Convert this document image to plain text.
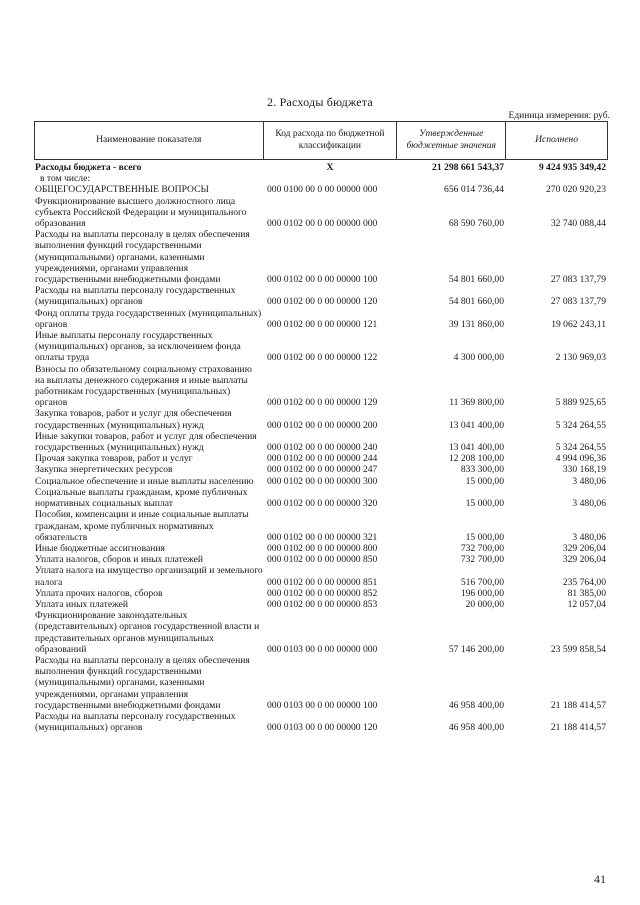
2. Расходы бюджета
Единица измерения: руб.
Наименование показателя	Код расхода по бюджетной классификации	Утвержденные бюджетные значения	Исполнено
Расходы бюджета - всего	X	21 298 661 543,37	9 424 935 349,42
в том числе:
ОБЩЕГОСУДАРСТВЕННЫЕ ВОПРОСЫ	000 0100 00 0 00 00000 000	656 014 736,44	270 020 920,23
Функционирование высшего должностного лица субъекта Российской Федерации и муниципального образования	000 0102 00 0 00 00000 000	68 590 760,00	32 740 088,44
Расходы на выплаты персоналу в целях обеспечения выполнения функций государственными (муниципальными) органами, казенными учреждениями, органами управления государственными внебюджетными фондами	000 0102 00 0 00 00000 100	54 801 660,00	27 083 137,79
Расходы на выплаты персоналу государственных (муниципальных) органов	000 0102 00 0 00 00000 120	54 801 660,00	27 083 137,79
Фонд оплаты труда государственных (муниципальных) органов	000 0102 00 0 00 00000 121	39 131 860,00	19 062 243,11
Иные выплаты персоналу государственных (муниципальных) органов, за исключением фонда оплаты труда	000 0102 00 0 00 00000 122	4 300 000,00	2 130 969,03
Взносы по обязательному социальному страхованию на выплаты денежного содержания и иные выплаты работникам государственных (муниципальных) органов	000 0102 00 0 00 00000 129	11 369 800,00	5 889 925,65
Закупка товаров, работ и услуг для обеспечения государственных (муниципальных) нужд	000 0102 00 0 00 00000 200	13 041 400,00	5 324 264,55
Иные закупки товаров, работ и услуг для обеспечения государственных (муниципальных) нужд	000 0102 00 0 00 00000 240	13 041 400,00	5 324 264,55
Прочая закупка товаров, работ и услуг	000 0102 00 0 00 00000 244	12 208 100,00	4 994 096,36
Закупка энергетических ресурсов	000 0102 00 0 00 00000 247	833 300,00	330 168,19
Социальное обеспечение и иные выплаты населению	000 0102 00 0 00 00000 300	15 000,00	3 480,06
Социальные выплаты гражданам, кроме публичных нормативных социальных выплат	000 0102 00 0 00 00000 320	15 000,00	3 480,06
Пособия, компенсации и иные социальные выплаты гражданам, кроме публичных нормативных обязательств	000 0102 00 0 00 00000 321	15 000,00	3 480,06
Иные бюджетные ассигнования	000 0102 00 0 00 00000 800	732 700,00	329 206,04
Уплата налогов, сборов и иных платежей	000 0102 00 0 00 00000 850	732 700,00	329 206,04
Уплата налога на имущество организаций и земельного налога	000 0102 00 0 00 00000 851	516 700,00	235 764,00
Уплата прочих налогов, сборов	000 0102 00 0 00 00000 852	196 000,00	81 385,00
Уплата иных платежей	000 0102 00 0 00 00000 853	20 000,00	12 057,04
Функционирование законодательных (представительных) органов государственной власти и представительных органов муниципальных образований	000 0103 00 0 00 00000 000	57 146 200,00	23 599 858,54
Расходы на выплаты персоналу в целях обеспечения выполнения функций государственными (муниципальными) органами, казенными учреждениями, органами управления государственными внебюджетными фондами	000 0103 00 0 00 00000 100	46 958 400,00	21 188 414,57
Расходы на выплаты персоналу государственных (муниципальных) органов	000 0103 00 0 00 00000 120	46 958 400,00	21 188 414,57
41
